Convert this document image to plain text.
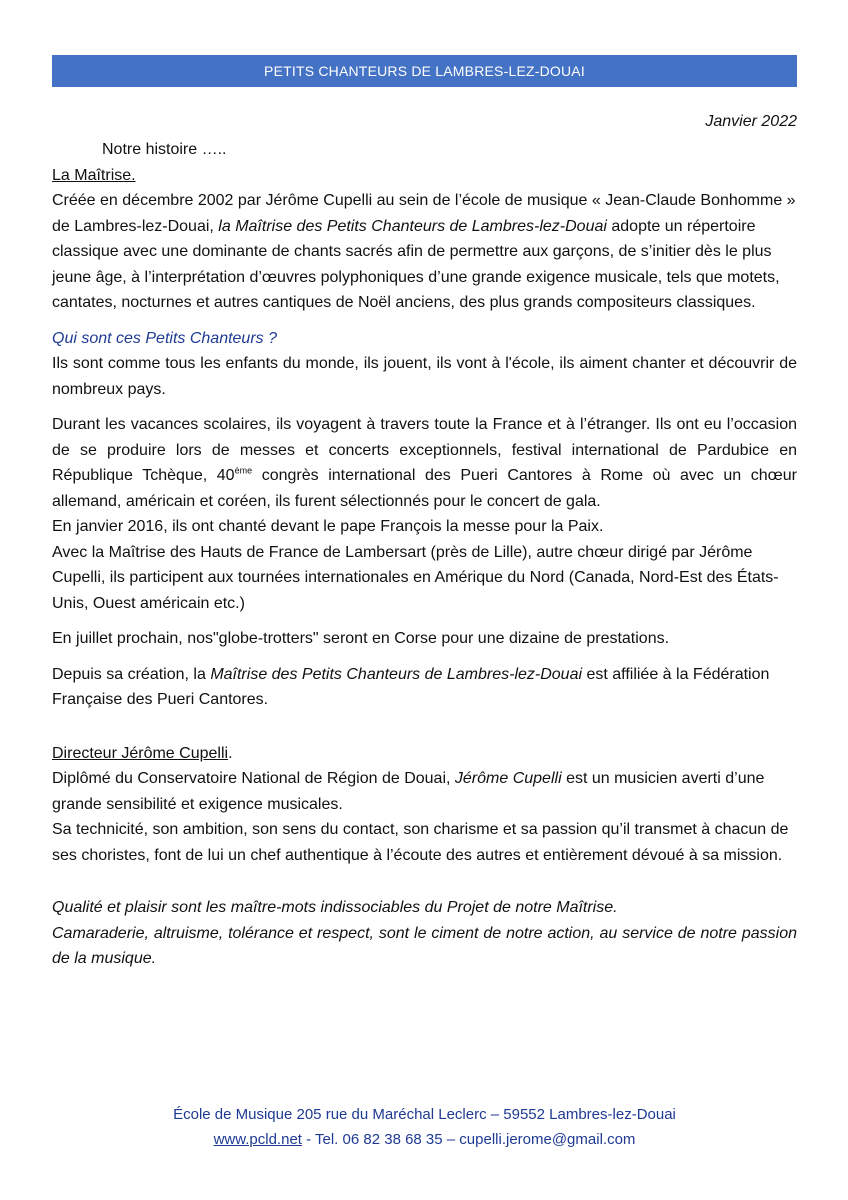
PETITS CHANTEURS DE LAMBRES-LEZ-DOUAI
Janvier 2022

Notre histoire …..

La Maîtrise.

Créée en décembre 2002 par Jérôme Cupelli au sein de l’école de musique « Jean-Claude Bonhomme » de Lambres-lez-Douai, la Maîtrise des Petits Chanteurs de Lambres-lez-Douai adopte un répertoire classique avec une dominante de chants sacrés afin de permettre aux garçons, de s’initier dès le plus jeune âge, à l’interprétation d’œuvres polyphoniques d’une grande exigence musicale, tels que motets, cantates, nocturnes et autres cantiques de Noël anciens, des plus grands compositeurs classiques.

Qui sont ces Petits Chanteurs ?

Ils sont comme tous les enfants du monde, ils jouent, ils vont à l'école, ils aiment chanter et découvrir de nombreux pays.

Durant les vacances scolaires, ils voyagent à travers toute la France et à l’étranger. Ils ont eu l’occasion de se produire lors de messes et concerts exceptionnels, festival international de Pardubice en République Tchèque, 40ème congrès international des Pueri Cantores à Rome où avec un chœur allemand, américain et coréen, ils furent sélectionnés pour le concert de gala.

En janvier 2016, ils ont chanté devant le pape François la messe pour la Paix.

Avec la Maîtrise des Hauts de France de Lambersart (près de Lille), autre chœur dirigé par Jérôme Cupelli, ils participent aux tournées internationales en Amérique du Nord (Canada, Nord-Est des États-Unis, Ouest américain etc.)

En juillet prochain, nos"globe-trotters" seront en Corse pour une dizaine de prestations.

Depuis sa création, la Maîtrise des Petits Chanteurs de Lambres-lez-Douai est affiliée à la Fédération Française des Pueri Cantores.

Directeur Jérôme Cupelli.

Diplômé du Conservatoire National de Région de Douai, Jérôme Cupelli est un musicien averti d’une grande sensibilité et exigence musicales.

Sa technicité, son ambition, son sens du contact, son charisme et sa passion qu’il transmet à chacun de ses choristes, font de lui un chef authentique à l’écoute des autres et entièrement dévoué à sa mission.

Qualité et plaisir sont les maître-mots indissociables du Projet de notre Maîtrise.

Camaraderie, altruisme, tolérance et respect, sont le ciment de notre action, au service de notre passion de la musique.

École de Musique 205 rue du Maréchal Leclerc – 59552 Lambres-lez-Douai
www.pcld.net - Tel. 06 82 38 68 35 – cupelli.jerome@gmail.com
